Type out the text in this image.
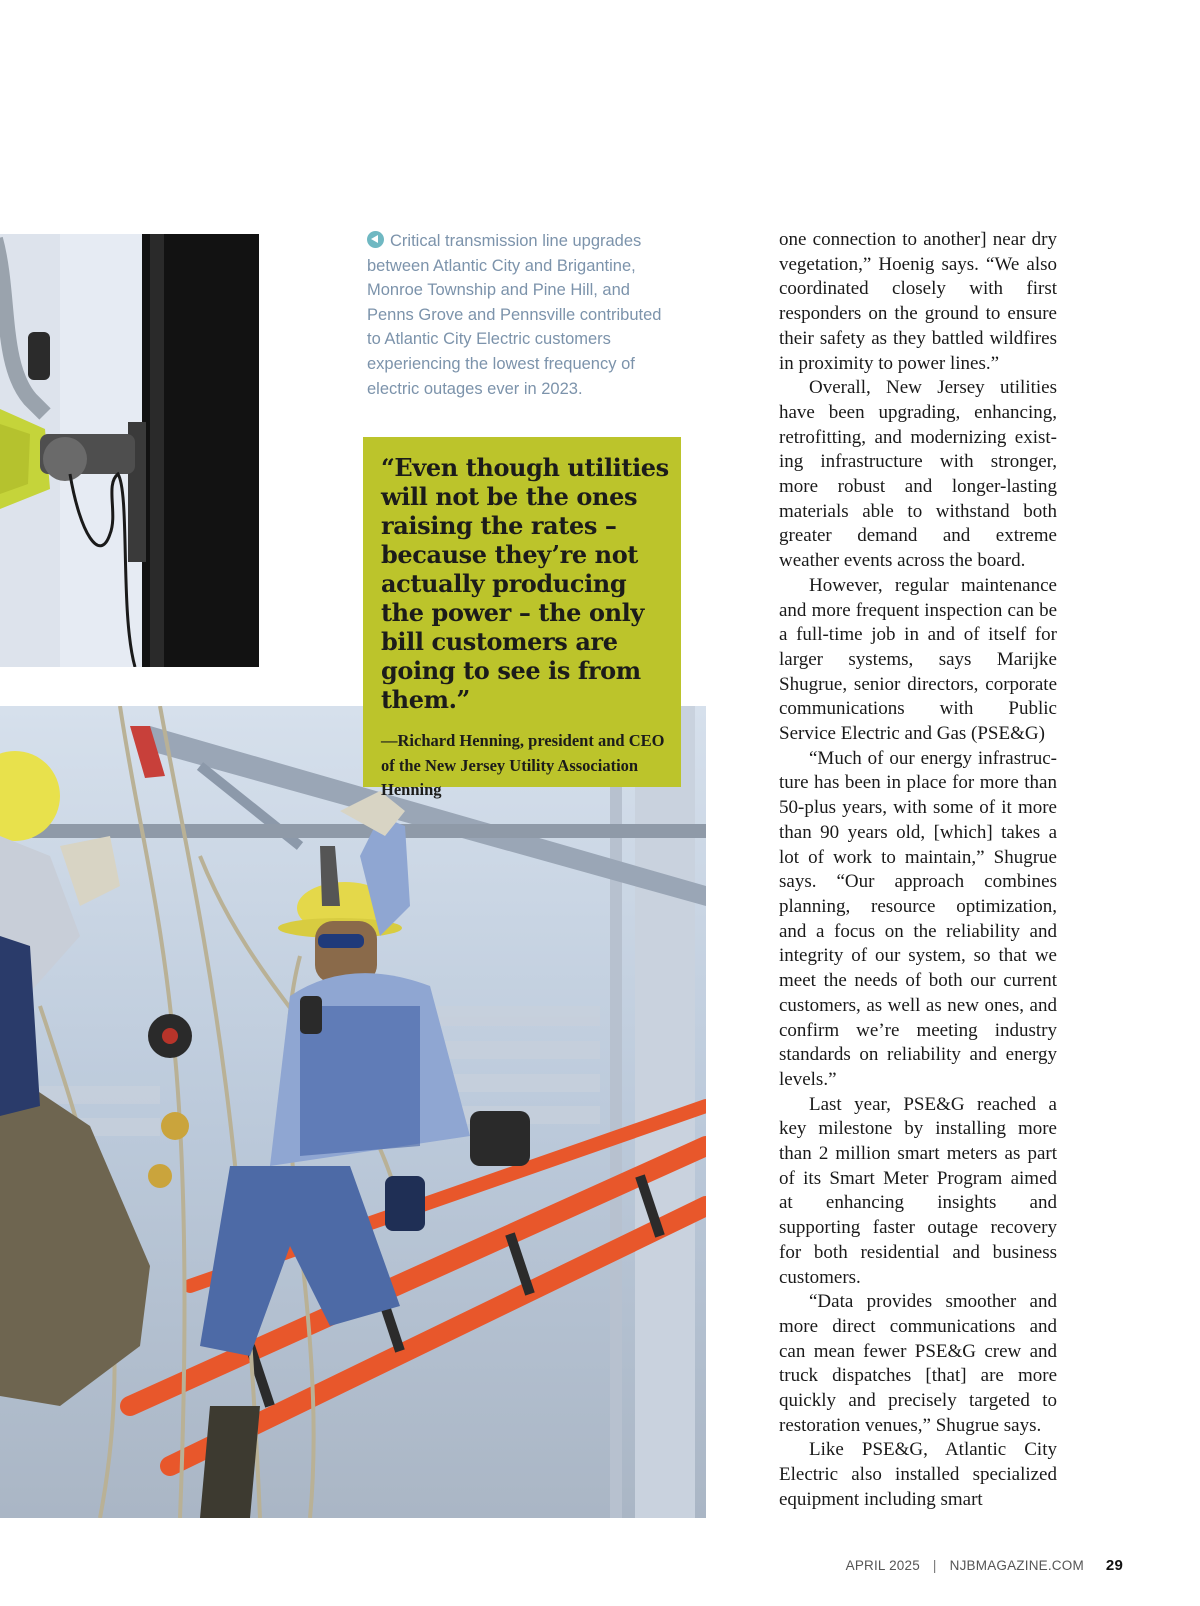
Critical transmission line upgrades between Atlantic City and Brigantine, Monroe Township and Pine Hill, and Penns Grove and Pennsville contributed to Atlantic City Electric customers experiencing the lowest frequency of electric outages ever in 2023.

“Even though utilities will not be the ones raising the rates – because they’re not actually producing the power – the only bill customers are going to see is from them.”

—Richard Henning, president and CEO of the New Jersey Utility Association Henning

one connection to another] near dry vegetation,” Hoenig says. “We also coordinated closely with first responders on the ground to ensure their safety as they battled wildfires in proximity to power lines.”

Overall, New Jersey utilities have been upgrading, enhancing, retrofitting, and modernizing existing infrastructure with stronger, more robust and longer-lasting materials able to withstand both greater demand and extreme weather events across the board.

However, regular maintenance and more frequent inspection can be a full-time job in and of itself for larger systems, says Marijke Shugrue, senior directors, corporate communications with Public Service Electric and Gas (PSE&G)

“Much of our energy infrastructure has been in place for more than 50-plus years, with some of it more than 90 years old, [which] takes a lot of work to maintain,” Shugrue says. “Our approach combines planning, resource optimization, and a focus on the reliability and integrity of our system, so that we meet the needs of both our current customers, as well as new ones, and confirm we’re meeting industry standards on reliability and energy levels.”

Last year, PSE&G reached a key milestone by installing more than 2 million smart meters as part of its Smart Meter Program aimed at enhancing insights and supporting faster outage recovery for both residential and business customers.

“Data provides smoother and more direct communications and can mean fewer PSE&G crew and truck dispatches [that] are more quickly and precisely targeted to restoration venues,” Shugrue says.

Like PSE&G, Atlantic City Electric also installed specialized equipment including smart

APRIL 2025 | NJBMAGAZINE.COM 29
